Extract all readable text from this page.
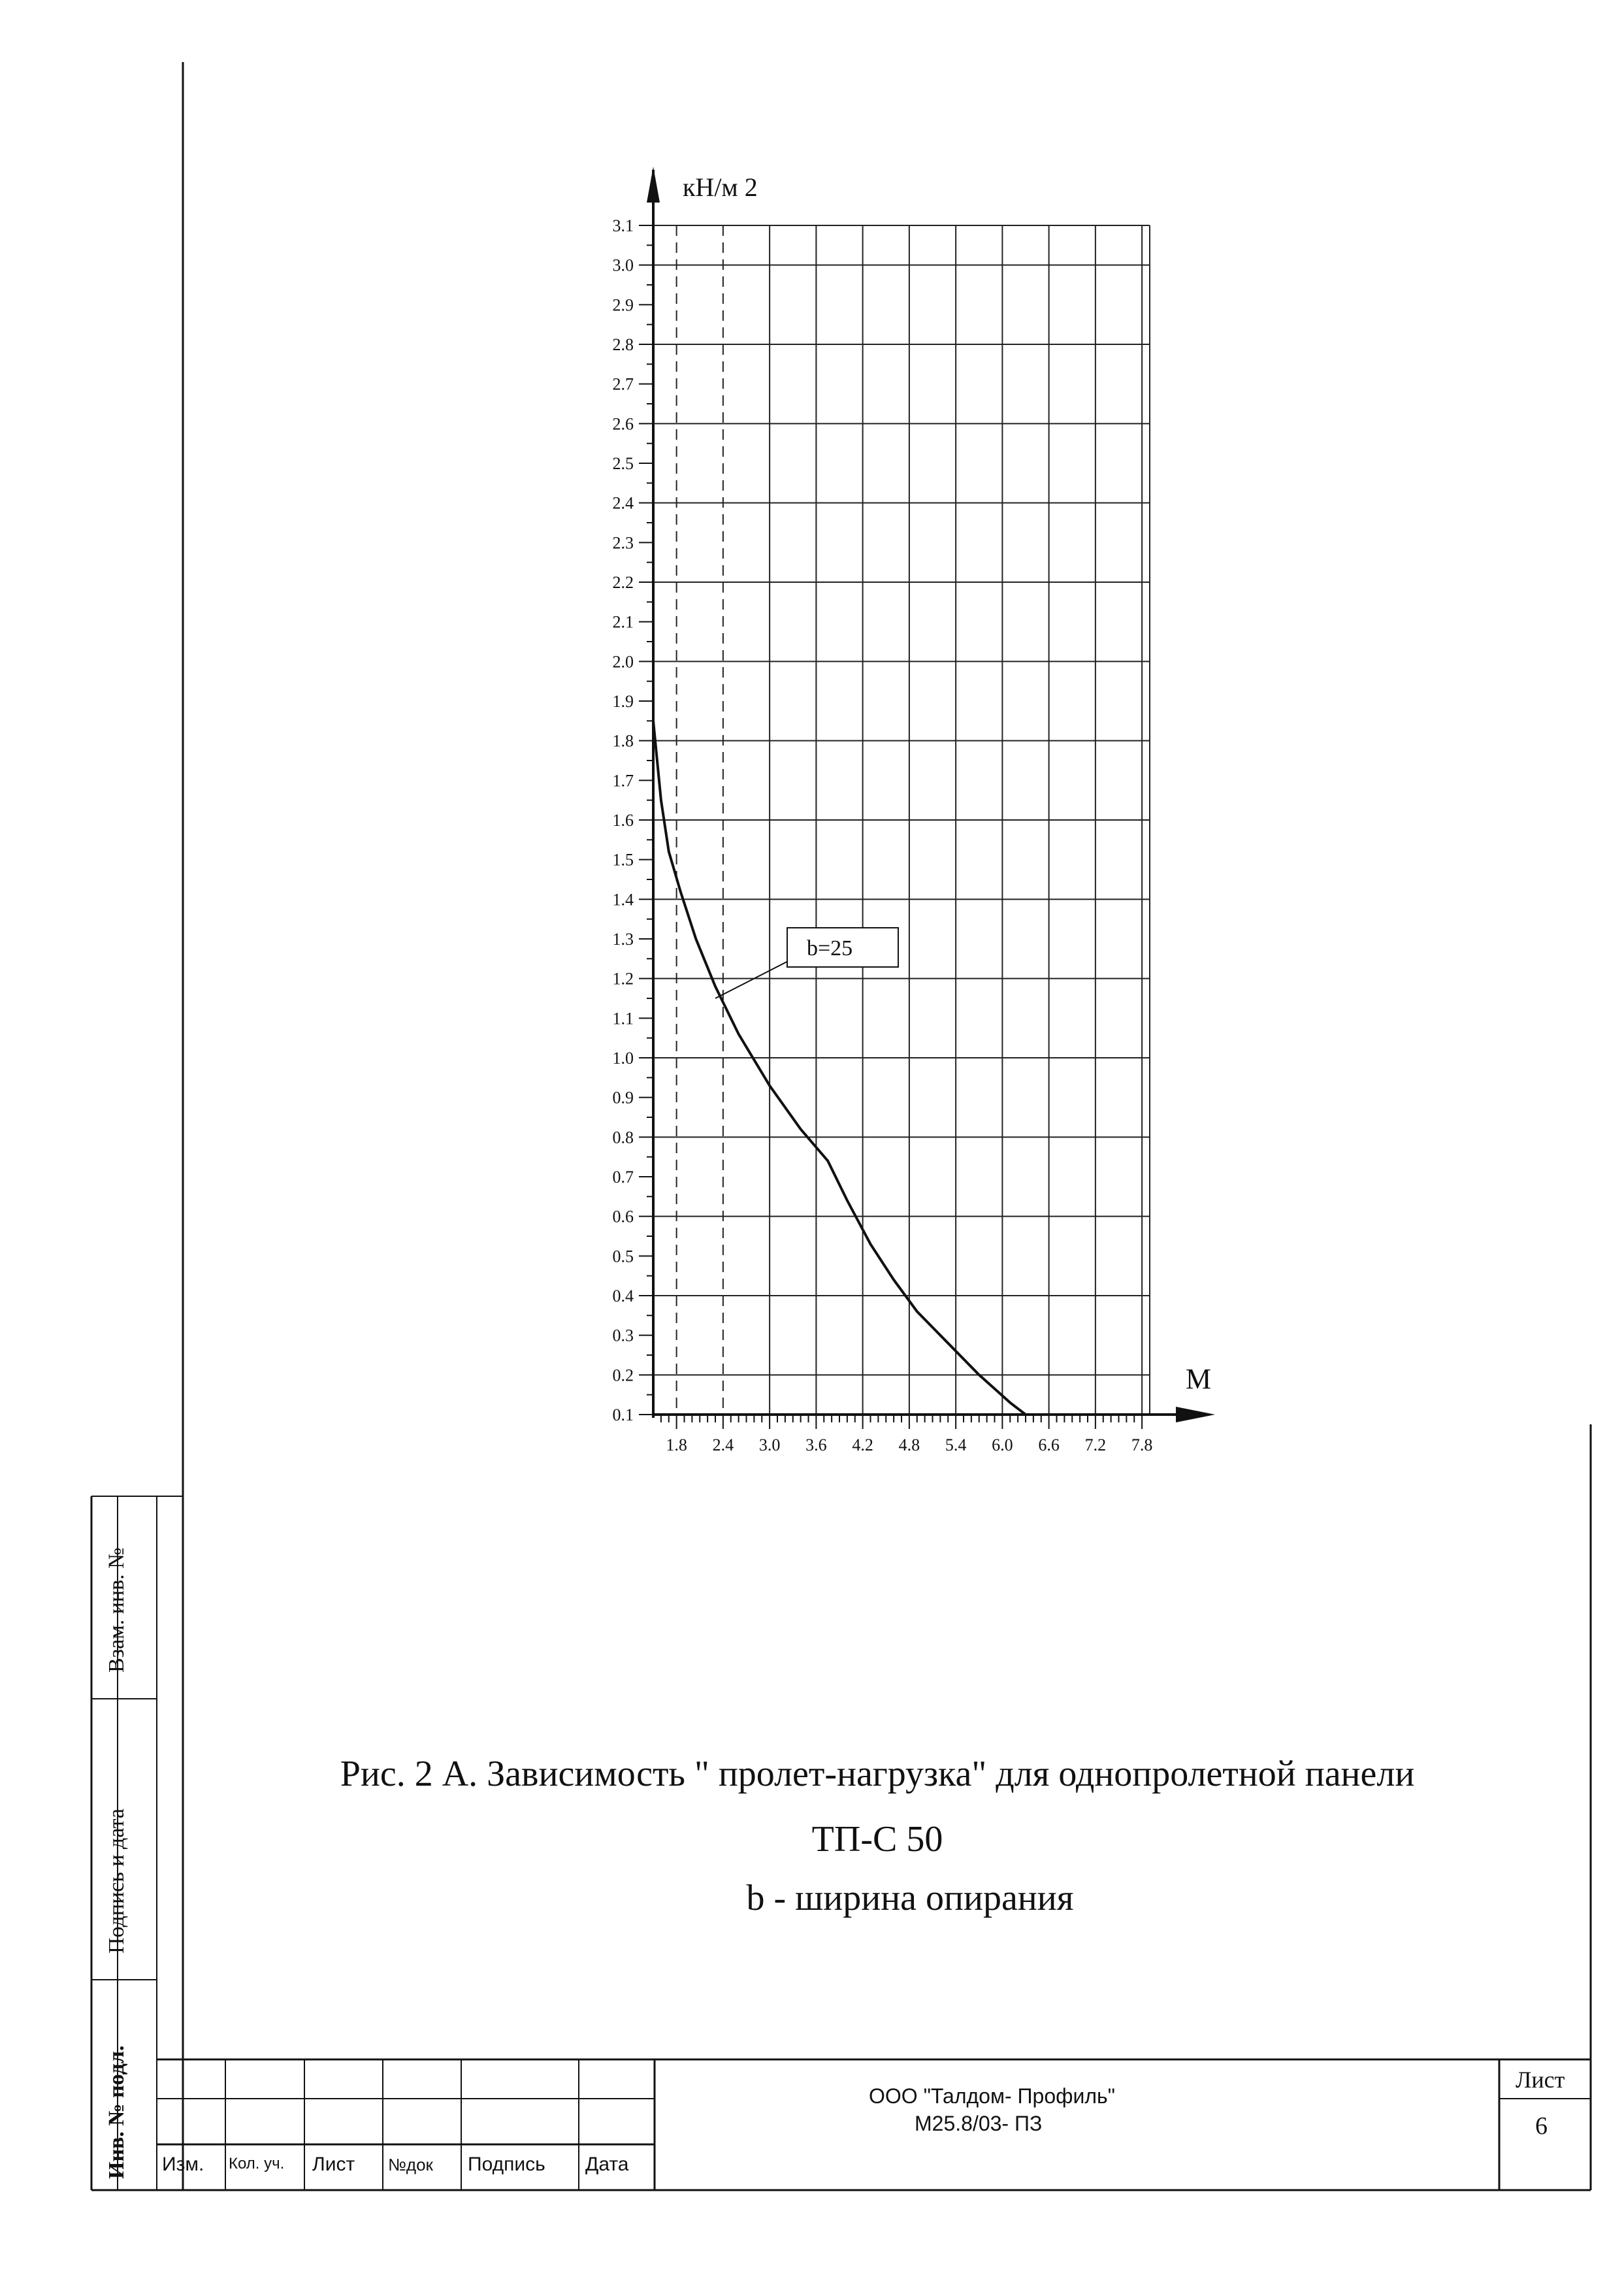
Взам. инв. №
Подпись и дата
Инв. № подл. Изм. Кол. уч. Лист №док Подпись Дата
ООО "Талдом- Профиль"
М25.8/03- ПЗ
Лист
6
Рис. 2 А. Зависимость " пролет-нагрузка" для однопролетной панели
ТП-С 50
b - ширина опирания
0.1
0.2
0.3
0.4
0.5
0.6
0.7
0.8
0.9
1.0
1.1
1.2
1.3
1.4
1.5
1.6
1.7
1.8
1.9
2.0
2.1
2.2
2.3
2.4
2.5
2.6
2.7
2.8
2.9
3.0
3.1
1.8 2.4 3.0 3.6 4.2 4.8 5.4 6.0 6.6 7.2 7.8
кН/м 2
М
b=25
